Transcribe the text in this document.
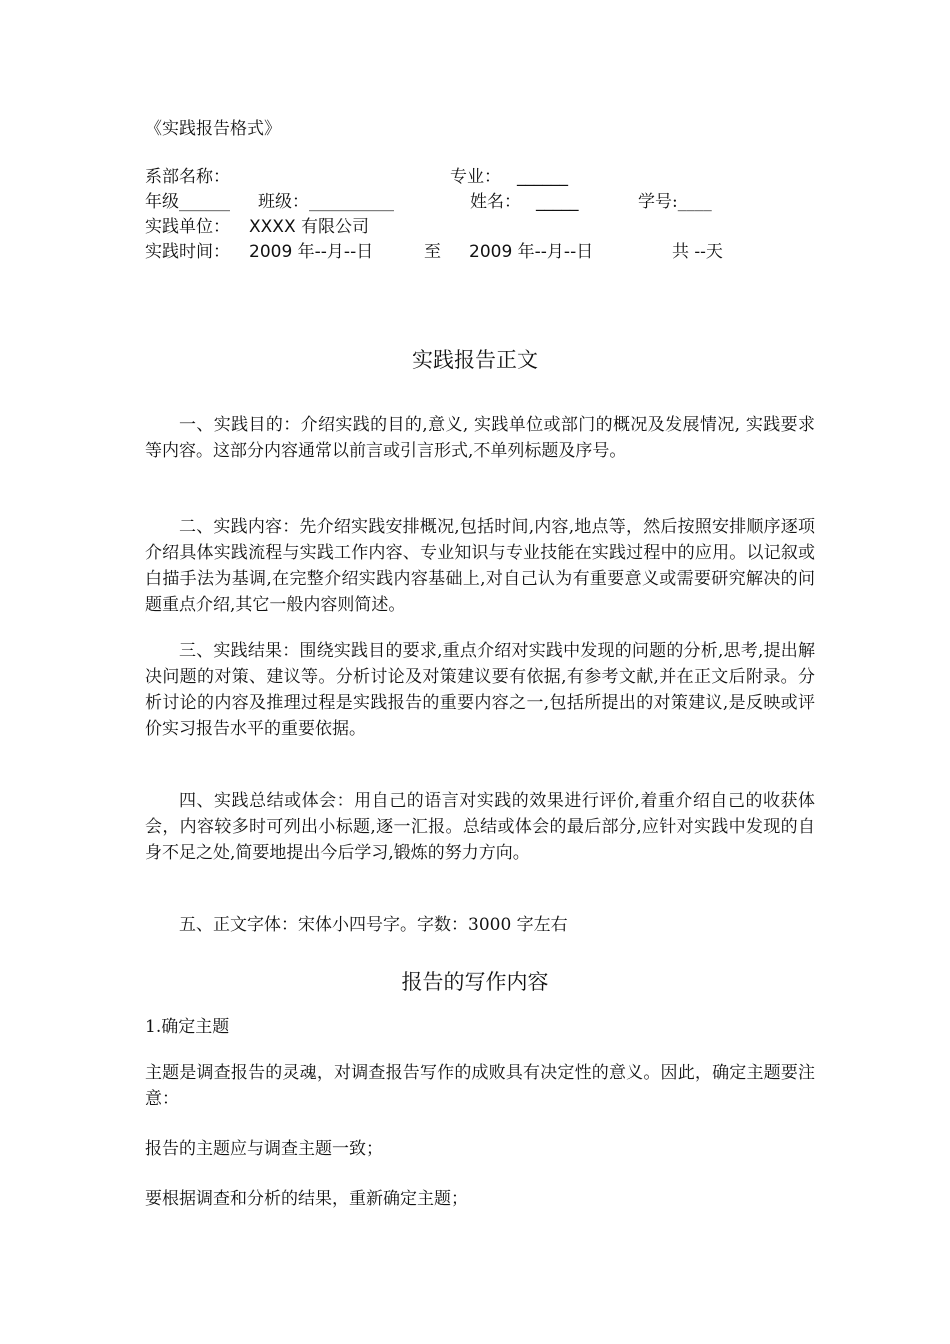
《实践报告格式》
系部名称：	专业： ______
年级______ 班级：__________	姓名： _____	学号:____
实践单位： XXXX 有限公司
实践时间： 2009 年--月--日	至 2009 年--月--日	共 --天
实践报告正文

一、实践目的：介绍实践的目的,意义, 实践单位或部门的概况及发展情况, 实践要求等内容。这部分内容通常以前言或引言形式,不单列标题及序号。

二、实践内容：先介绍实践安排概况,包括时间,内容,地点等，然后按照安排顺序逐项介绍具体实践流程与实践工作内容、专业知识与专业技能在实践过程中的应用。以记叙或白描手法为基调,在完整介绍实践内容基础上,对自己认为有重要意义或需要研究解决的问题重点介绍,其它一般内容则简述。

三、实践结果：围绕实践目的要求,重点介绍对实践中发现的问题的分析,思考,提出解决问题的对策、建议等。分析讨论及对策建议要有依据,有参考文献,并在正文后附录。分析讨论的内容及推理过程是实践报告的重要内容之一,包括所提出的对策建议,是反映或评价实习报告水平的重要依据。

四、实践总结或体会：用自己的语言对实践的效果进行评价,着重介绍自己的收获体会，内容较多时可列出小标题,逐一汇报。总结或体会的最后部分,应针对实践中发现的自身不足之处,简要地提出今后学习,锻炼的努力方向。

五、正文字体：宋体小四号字。字数：3000 字左右

报告的写作内容
1.确定主题

主题是调查报告的灵魂，对调查报告写作的成败具有决定性的意义。因此，确定主题要注意：

报告的主题应与调查主题一致；
要根据调查和分析的结果，重新确定主题；
